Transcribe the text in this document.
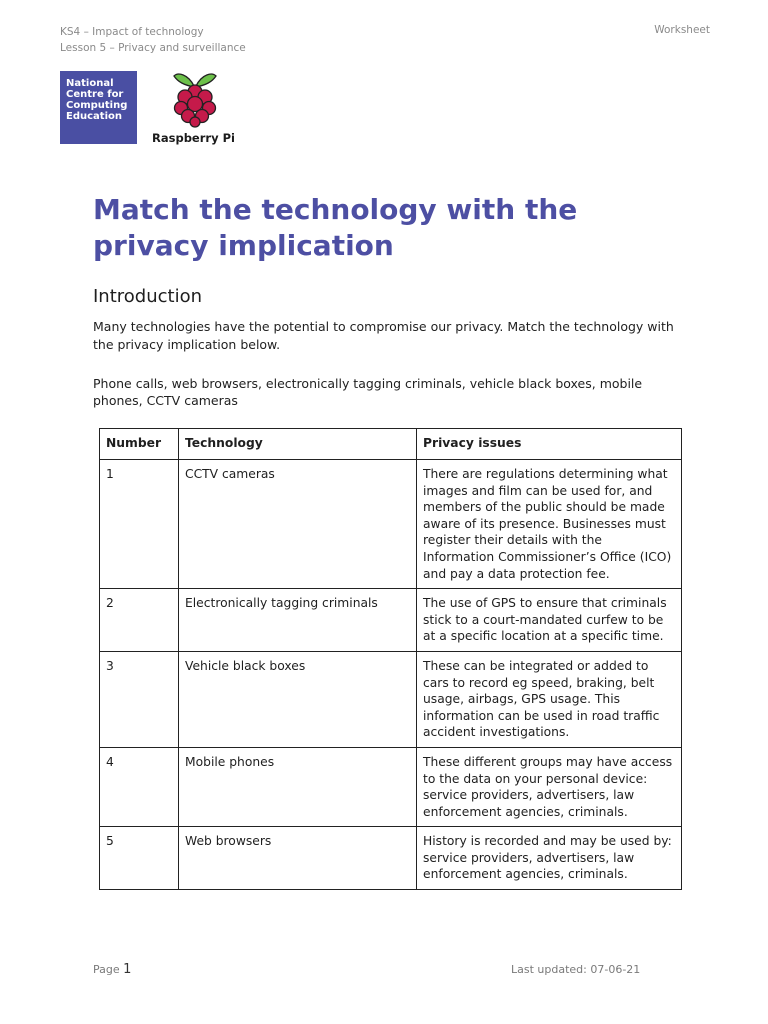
KS4 – Impact of technology
Lesson 5 – Privacy and surveillance
Worksheet
National
Centre for
Computing
Education
Raspberry Pi
Match the technology with the privacy implication
Introduction

Many technologies have the potential to compromise our privacy. Match the technology with the privacy implication below.

Phone calls, web browsers, electronically tagging criminals, vehicle black boxes, mobile phones, CCTV cameras

Number	Technology	Privacy issues
1	CCTV cameras	There are regulations determining what images and film can be used for, and members of the public should be made aware of its presence. Businesses must register their details with the Information Commissioner’s Office (ICO) and pay a data protection fee.
2	Electronically tagging criminals	The use of GPS to ensure that criminals stick to a court-mandated curfew to be at a specific location at a specific time.
3	Vehicle black boxes	These can be integrated or added to cars to record eg speed, braking, belt usage, airbags, GPS usage. This information can be used in road traffic accident investigations.
4	Mobile phones	These different groups may have access to the data on your personal device: service providers, advertisers, law enforcement agencies, criminals.
5	Web browsers	History is recorded and may be used by: service providers, advertisers, law enforcement agencies, criminals.
Page 1	Last updated: 07-06-21
